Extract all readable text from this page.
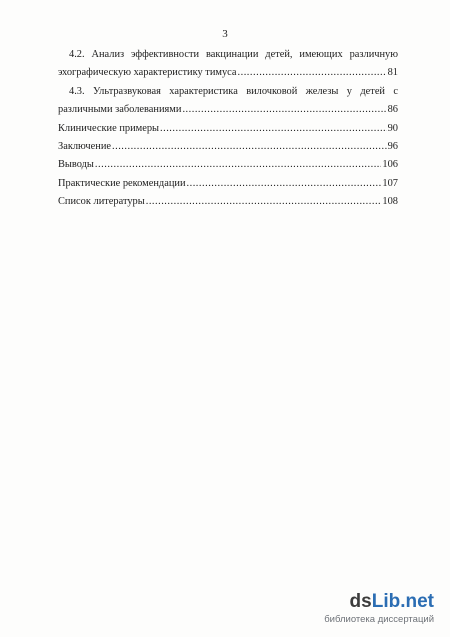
3
4.2. Анализ эффективности вакцинации детей, имеющих различную
эхографическую характеристику тимуса .....	81
4.3. Ультразвуковая характеристика вилочковой железы у детей с
различными заболеваниями .....	86
Клинические примеры .....	90
Заключение .....	96
Выводы .....	106
Практические рекомендации .....	107
Список литературы .....	108
dsLib.net
библиотека диссертаций
